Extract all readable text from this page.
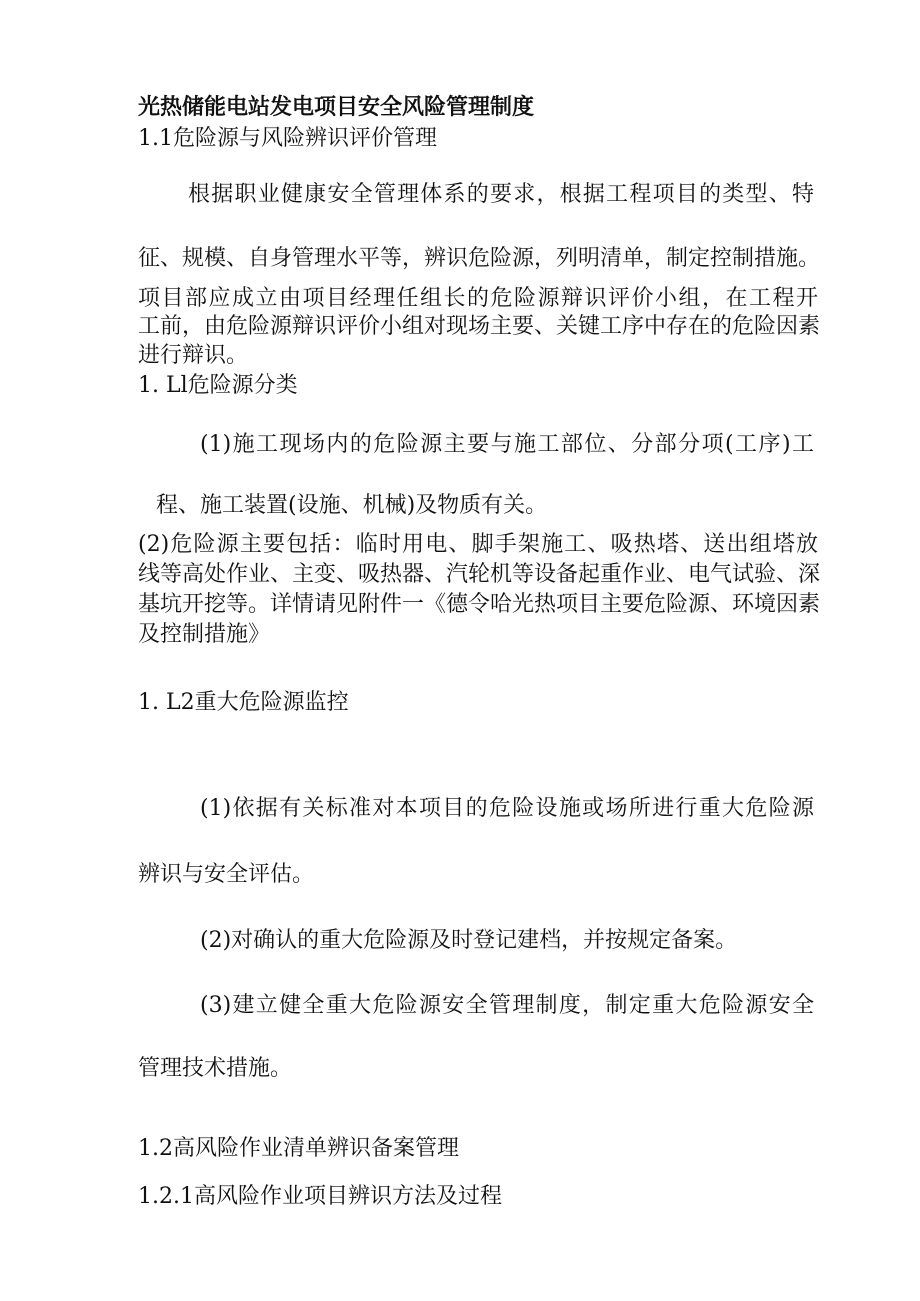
光热储能电站发电项目安全风险管理制度

1.1危险源与风险辨识评价管理

根据职业健康安全管理体系的要求，根据工程项目的类型、特

征、规模、自身管理水平等，辨识危险源，列明清单，制定控制措施。

项目部应成立由项目经理任组长的危险源辩识评价小组，在工程开

工前，由危险源辩识评价小组对现场主要、关键工序中存在的危险因素

进行辩识。

1. Ll危险源分类

(1)施工现场内的危险源主要与施工部位、分部分项(工序)工

程、施工装置(设施、机械)及物质有关。

(2)危险源主要包括：临时用电、脚手架施工、吸热塔、送出组塔放

线等高处作业、主变、吸热器、汽轮机等设备起重作业、电气试验、深

基坑开挖等。详情请见附件一《德令哈光热项目主要危险源、环境因素

及控制措施》

1. L2重大危险源监控

(1)依据有关标准对本项目的危险设施或场所进行重大危险源

辨识与安全评估。

(2)对确认的重大危险源及时登记建档，并按规定备案。

(3)建立健全重大危险源安全管理制度，制定重大危险源安全

管理技术措施。

1.2高风险作业清单辨识备案管理

1.2.1高风险作业项目辨识方法及过程
